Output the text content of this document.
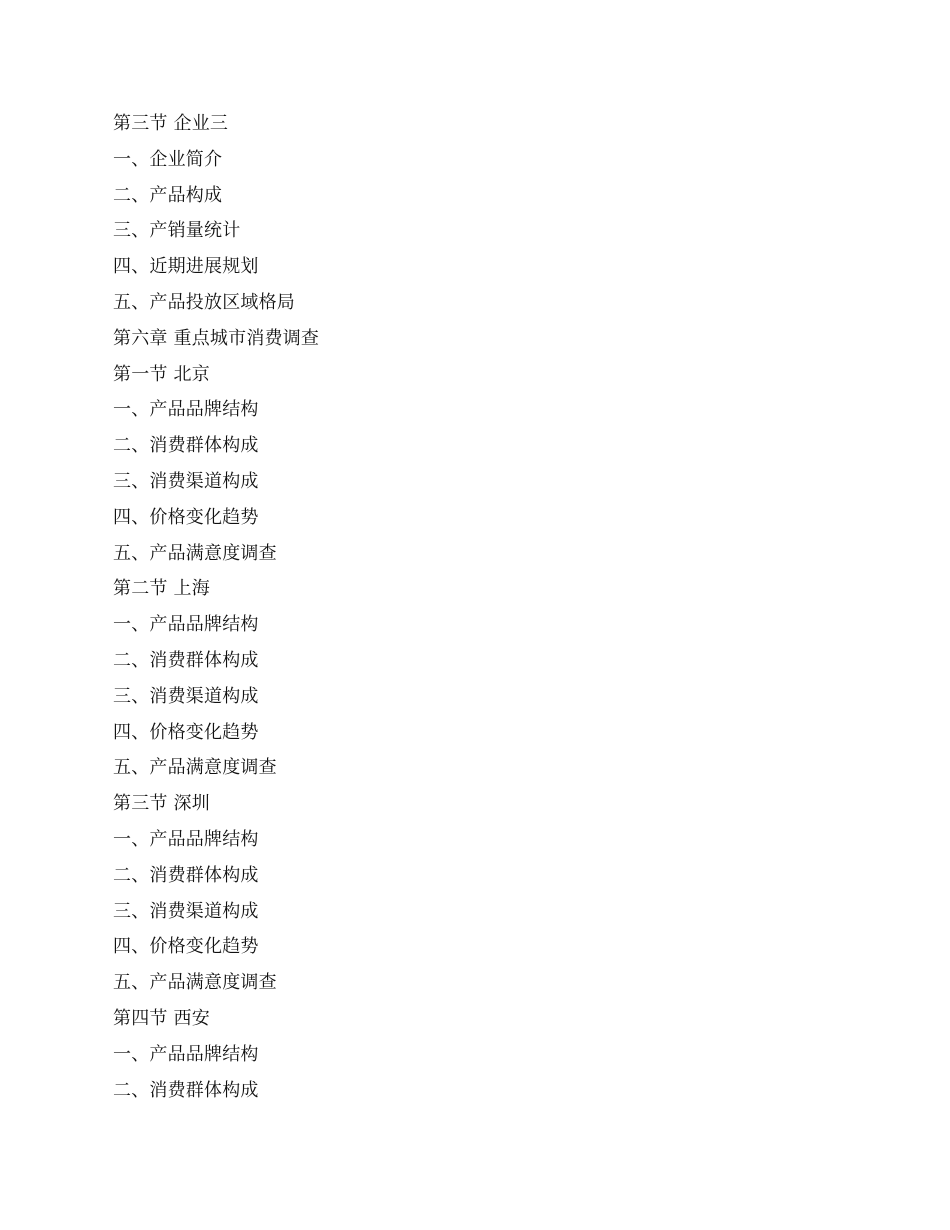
第三节 企业三
一、企业简介
二、产品构成
三、产销量统计
四、近期进展规划
五、产品投放区域格局
第六章 重点城市消费调查
第一节 北京
一、产品品牌结构
二、消费群体构成
三、消费渠道构成
四、价格变化趋势
五、产品满意度调查
第二节 上海
一、产品品牌结构
二、消费群体构成
三、消费渠道构成
四、价格变化趋势
五、产品满意度调查
第三节 深圳
一、产品品牌结构
二、消费群体构成
三、消费渠道构成
四、价格变化趋势
五、产品满意度调查
第四节 西安
一、产品品牌结构
二、消费群体构成
